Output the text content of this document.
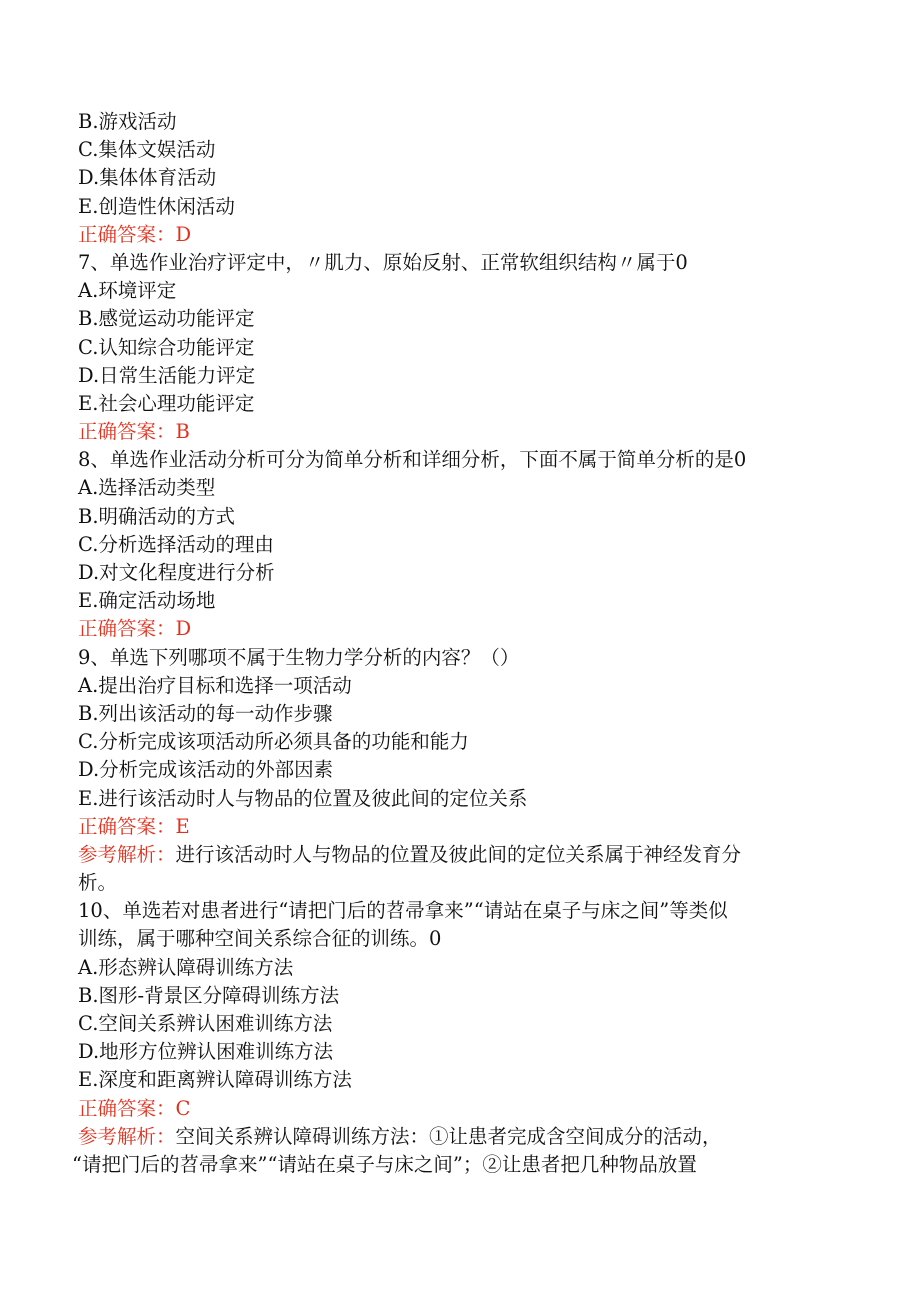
B.游戏活动
C.集体文娱活动
D.集体体育活动
E.创造性休闲活动
正确答案：D
7、单选作业治疗评定中，〃肌力、原始反射、正常软组织结构〃属于0
A.环境评定
B.感觉运动功能评定
C.认知综合功能评定
D.日常生活能力评定
E.社会心理功能评定
正确答案：B
8、单选作业活动分析可分为简单分析和详细分析，下面不属于简单分析的是0
A.选择活动类型
B.明确活动的方式
C.分析选择活动的理由
D.对文化程度进行分析
E.确定活动场地
正确答案：D
9、单选下列哪项不属于生物力学分析的内容？（）
A.提出治疗目标和选择一项活动
B.列出该活动的每一动作步骤
C.分析完成该项活动所必须具备的功能和能力
D.分析完成该活动的外部因素
E.进行该活动时人与物品的位置及彼此间的定位关系
正确答案：E
参考解析：进行该活动时人与物品的位置及彼此间的定位关系属于神经发育分
析。
10、单选若对患者进行“请把门后的苕帚拿来”“请站在桌子与床之间”等类似
训练，属于哪种空间关系综合征的训练。0
A.形态辨认障碍训练方法
B.图形-背景区分障碍训练方法
C.空间关系辨认困难训练方法
D.地形方位辨认困难训练方法
E.深度和距离辨认障碍训练方法
正确答案：C
参考解析：空间关系辨认障碍训练方法：①让患者完成含空间成分的活动，
“请把门后的苕帚拿来”“请站在桌子与床之间”；②让患者把几种物品放置
